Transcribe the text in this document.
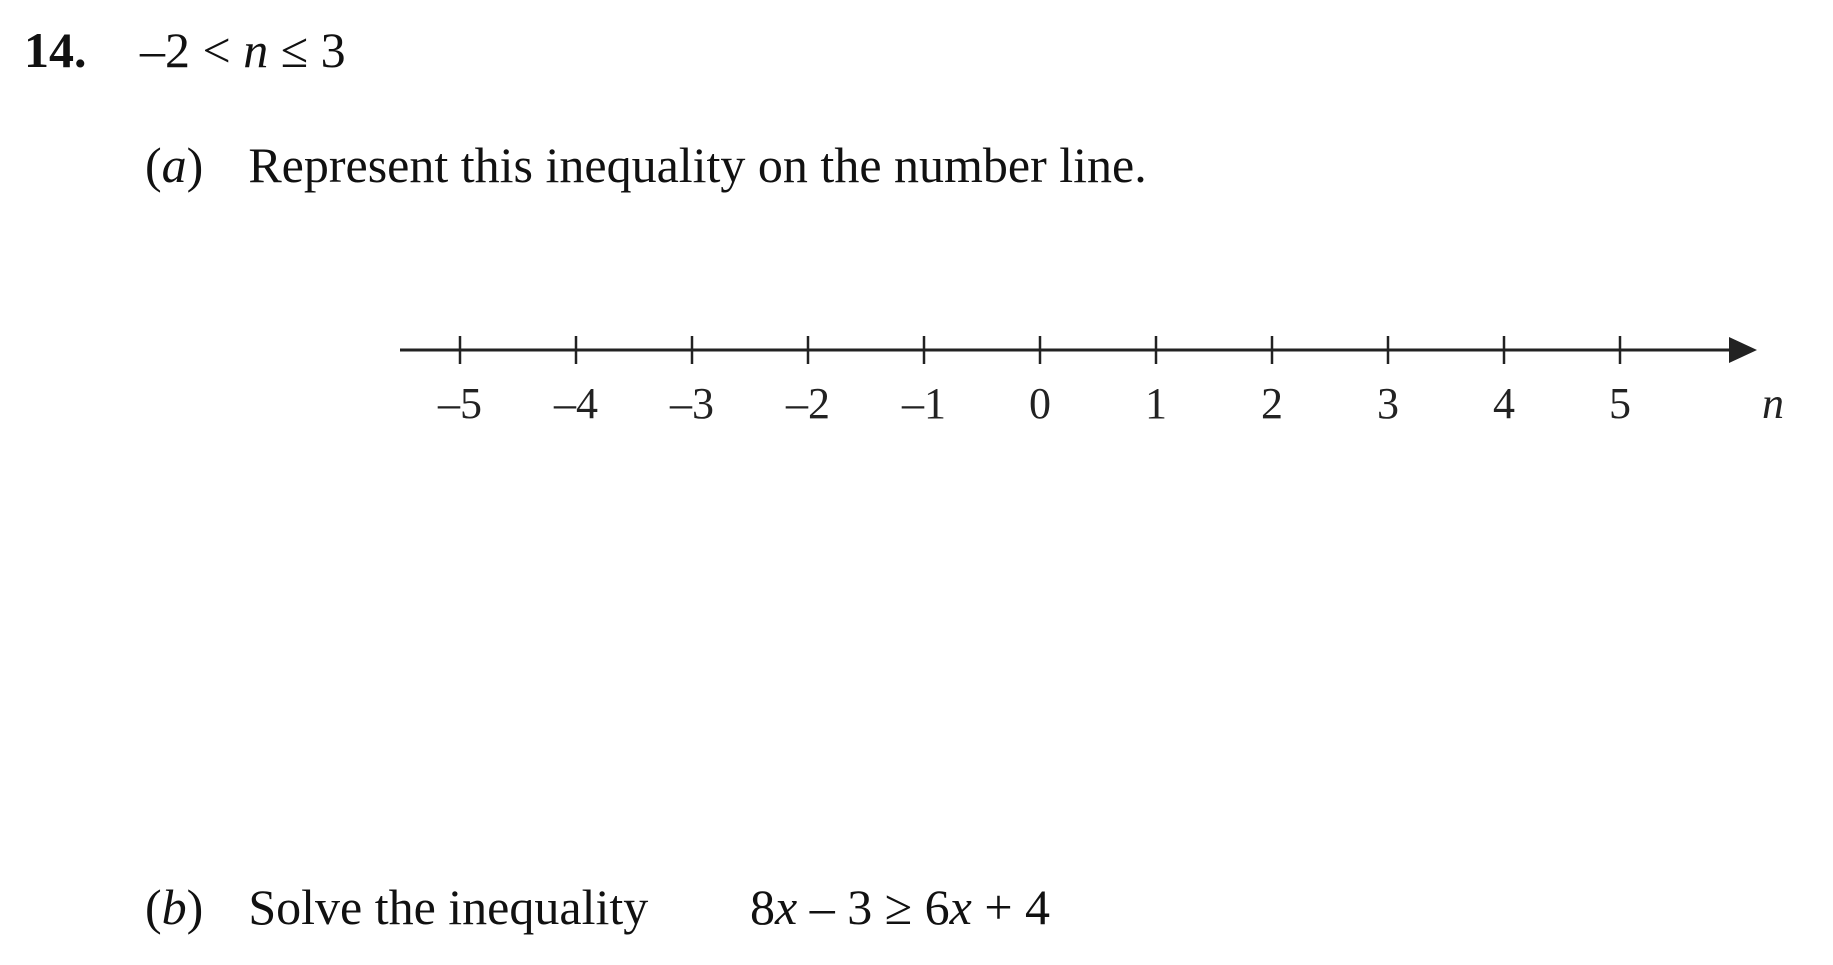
14. –2 < n ≤ 3
(a) Represent this inequality on the number line.
–5 –4 –3 –2 –1 0 1 2 3 4 5	n
(b) Solve the inequality 8x – 3 ≥ 6x + 4
